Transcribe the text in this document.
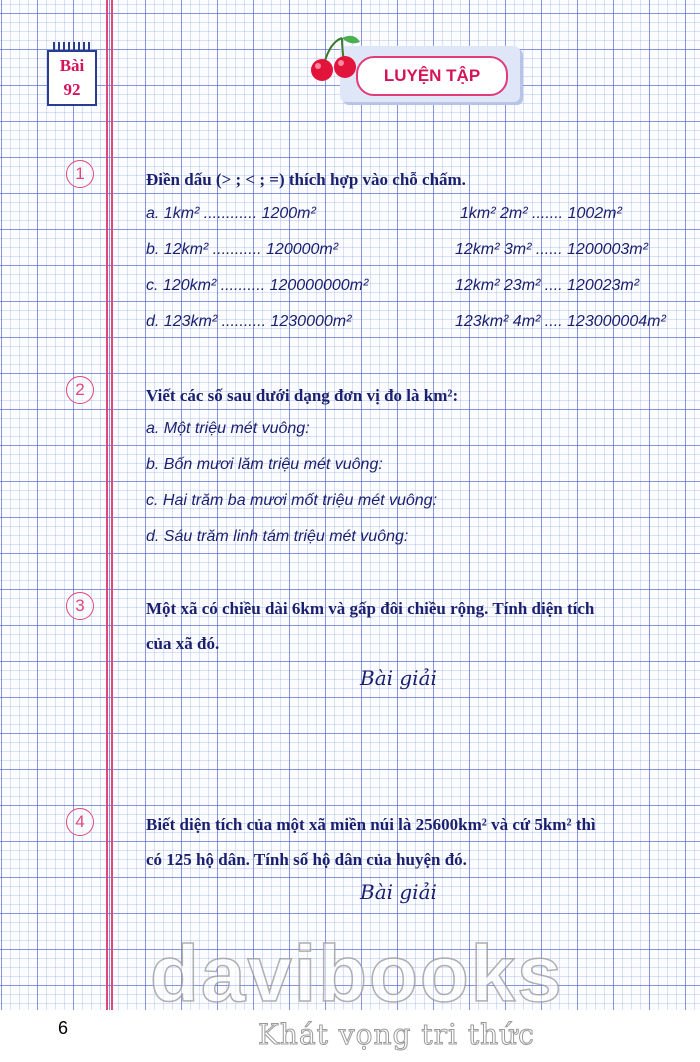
Bài
92
LUYỆN TẬP
1	Điền dấu (> ; < ; =) thích hợp vào chỗ chấm.
a. 1km² ............ 1200m²	1km² 2m² ....... 1002m²
b. 12km² ........... 120000m²	12km² 3m² ...... 1200003m²
c. 120km² .......... 120000000m²	12km² 23m² .... 120023m²
d. 123km² .......... 1230000m²	123km² 4m² .... 123000004m²
2	Viết các số sau dưới dạng đơn vị đo là km²:
a. Một triệu mét vuông:
b. Bốn mươi lăm triệu mét vuông:
c. Hai trăm ba mươi mốt triệu mét vuông:
d. Sáu trăm linh tám triệu mét vuông:
3	Một xã có chiều dài 6km và gấp đôi chiều rộng. Tính diện tích
của xã đó.
Bài giải
4	Biết diện tích của một xã miền núi là 25600km² và cứ 5km² thì
có 125 hộ dân. Tính số hộ dân của huyện đó.
Bài giải
davibooks
6	Khát vọng tri thức
